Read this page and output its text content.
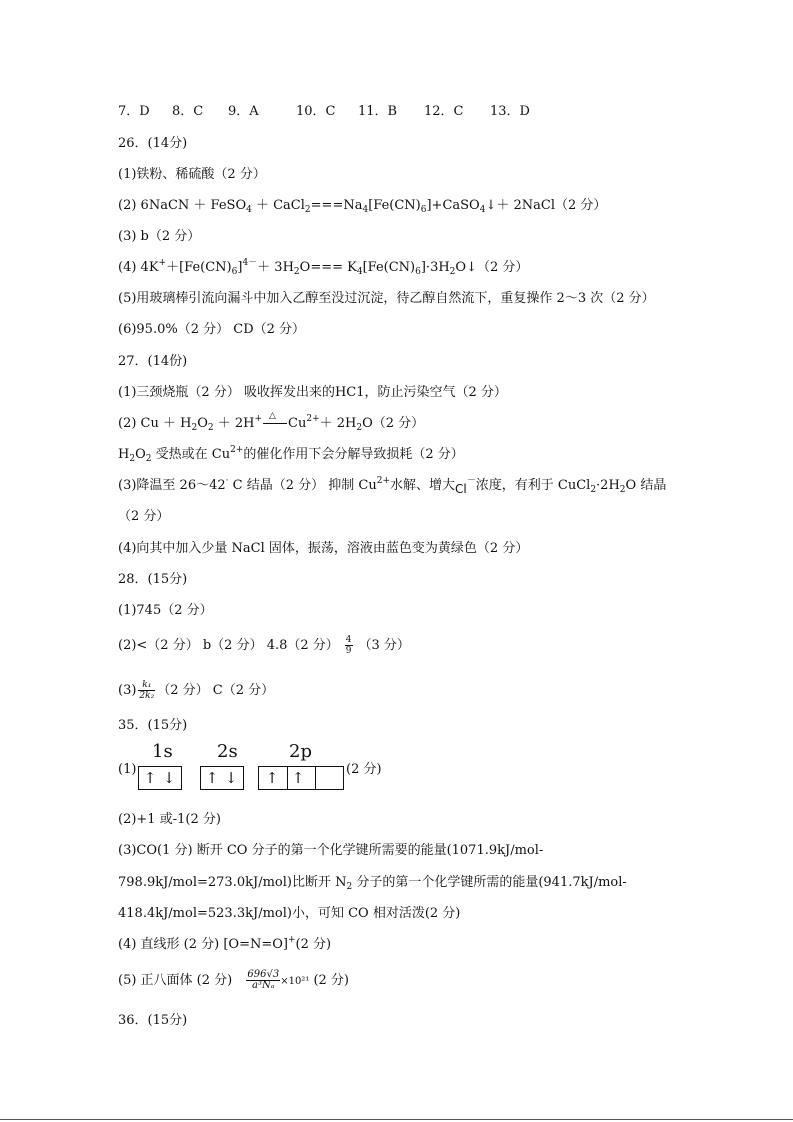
7．D 8．C 9．A	10．C 11．B 12．C 13．D
26．(14分)
(1)铁粉、稀硫酸（2 分）
(2) 6NaCN ＋ FeSO$_4$ ＋ $CaCl_2===Na_4[Fe(CN)_6]+CaSO_4↓+$ 2NaCl（2 分）
(3) b（2 分）
(4) $4K^++[Fe(CN)_6]^{4-}+ 3H_2O===$ $K_4[Fe(CN)_6]\cdot 3H_2O↓(2$ 分）
(5)用玻璃棒引流向漏斗中加入乙醇至没过沉淀，待乙醇自然流下，重复操作 2～3 次（2 分）
(6)95.0%（2 分） CD（2 分）
27．(14份)
(1)三颈烧瓶（2 分） 吸收挥发出来的HC1，防止污染空气（2 分）
(2) $Cu + H_2O_2 + 2H^+$ △ $Cu^{2+}+ 2H_2O(2$ 分）
$H_2O_2$ 受热或在 $Cu^{2+}$的催化作用下会分解导致损耗（2 分）
(3)降温至 26～42· C 结晶（2 分） 抑制 $Cu^{2+}$水解、增大Cl－浓度，有利于 $CuCl_2\cdot 2H_2O$ 结晶
（2 分）
(4)向其中加入少量 NaCl 固体，振荡，溶液由蓝色变为黄绿色（2 分）
28．(15分)
(1)745（2 分）
(2)<（2 分） b（2 分） 4.8（2 分） $\frac{4}{9} (3$ 分）
$(3) \frac{\text{k₁}}{\text{2k₂}} (2$ 分） C（2 分）
35．(15分)
(1)
1s 2s	2p
↑ ↓ ↑ ↓ ↑ ↑	(2 分)
(2)+1 或-1(2 分)
(3)CO(1 分) 断开 CO 分子的第一个化学键所需要的能量(1071.9kJ/mol-
798.9kJ/mol=273.0kJ/mol)比断开 $N_2$ 分子的第一个化学键所需的能量(941.7kJ/mol-
418.4kJ/mol=523.3kJ/mol)小，可知 CO 相对活泼(2 分)
(4) 直线形 (2 分) [O=N=O]+(2 分)
(5) 正八面体 (2 分) $\frac{696√3}{\text{a³Nₐ}} \times 10^{21}$ (2 分)
36．(15分)
